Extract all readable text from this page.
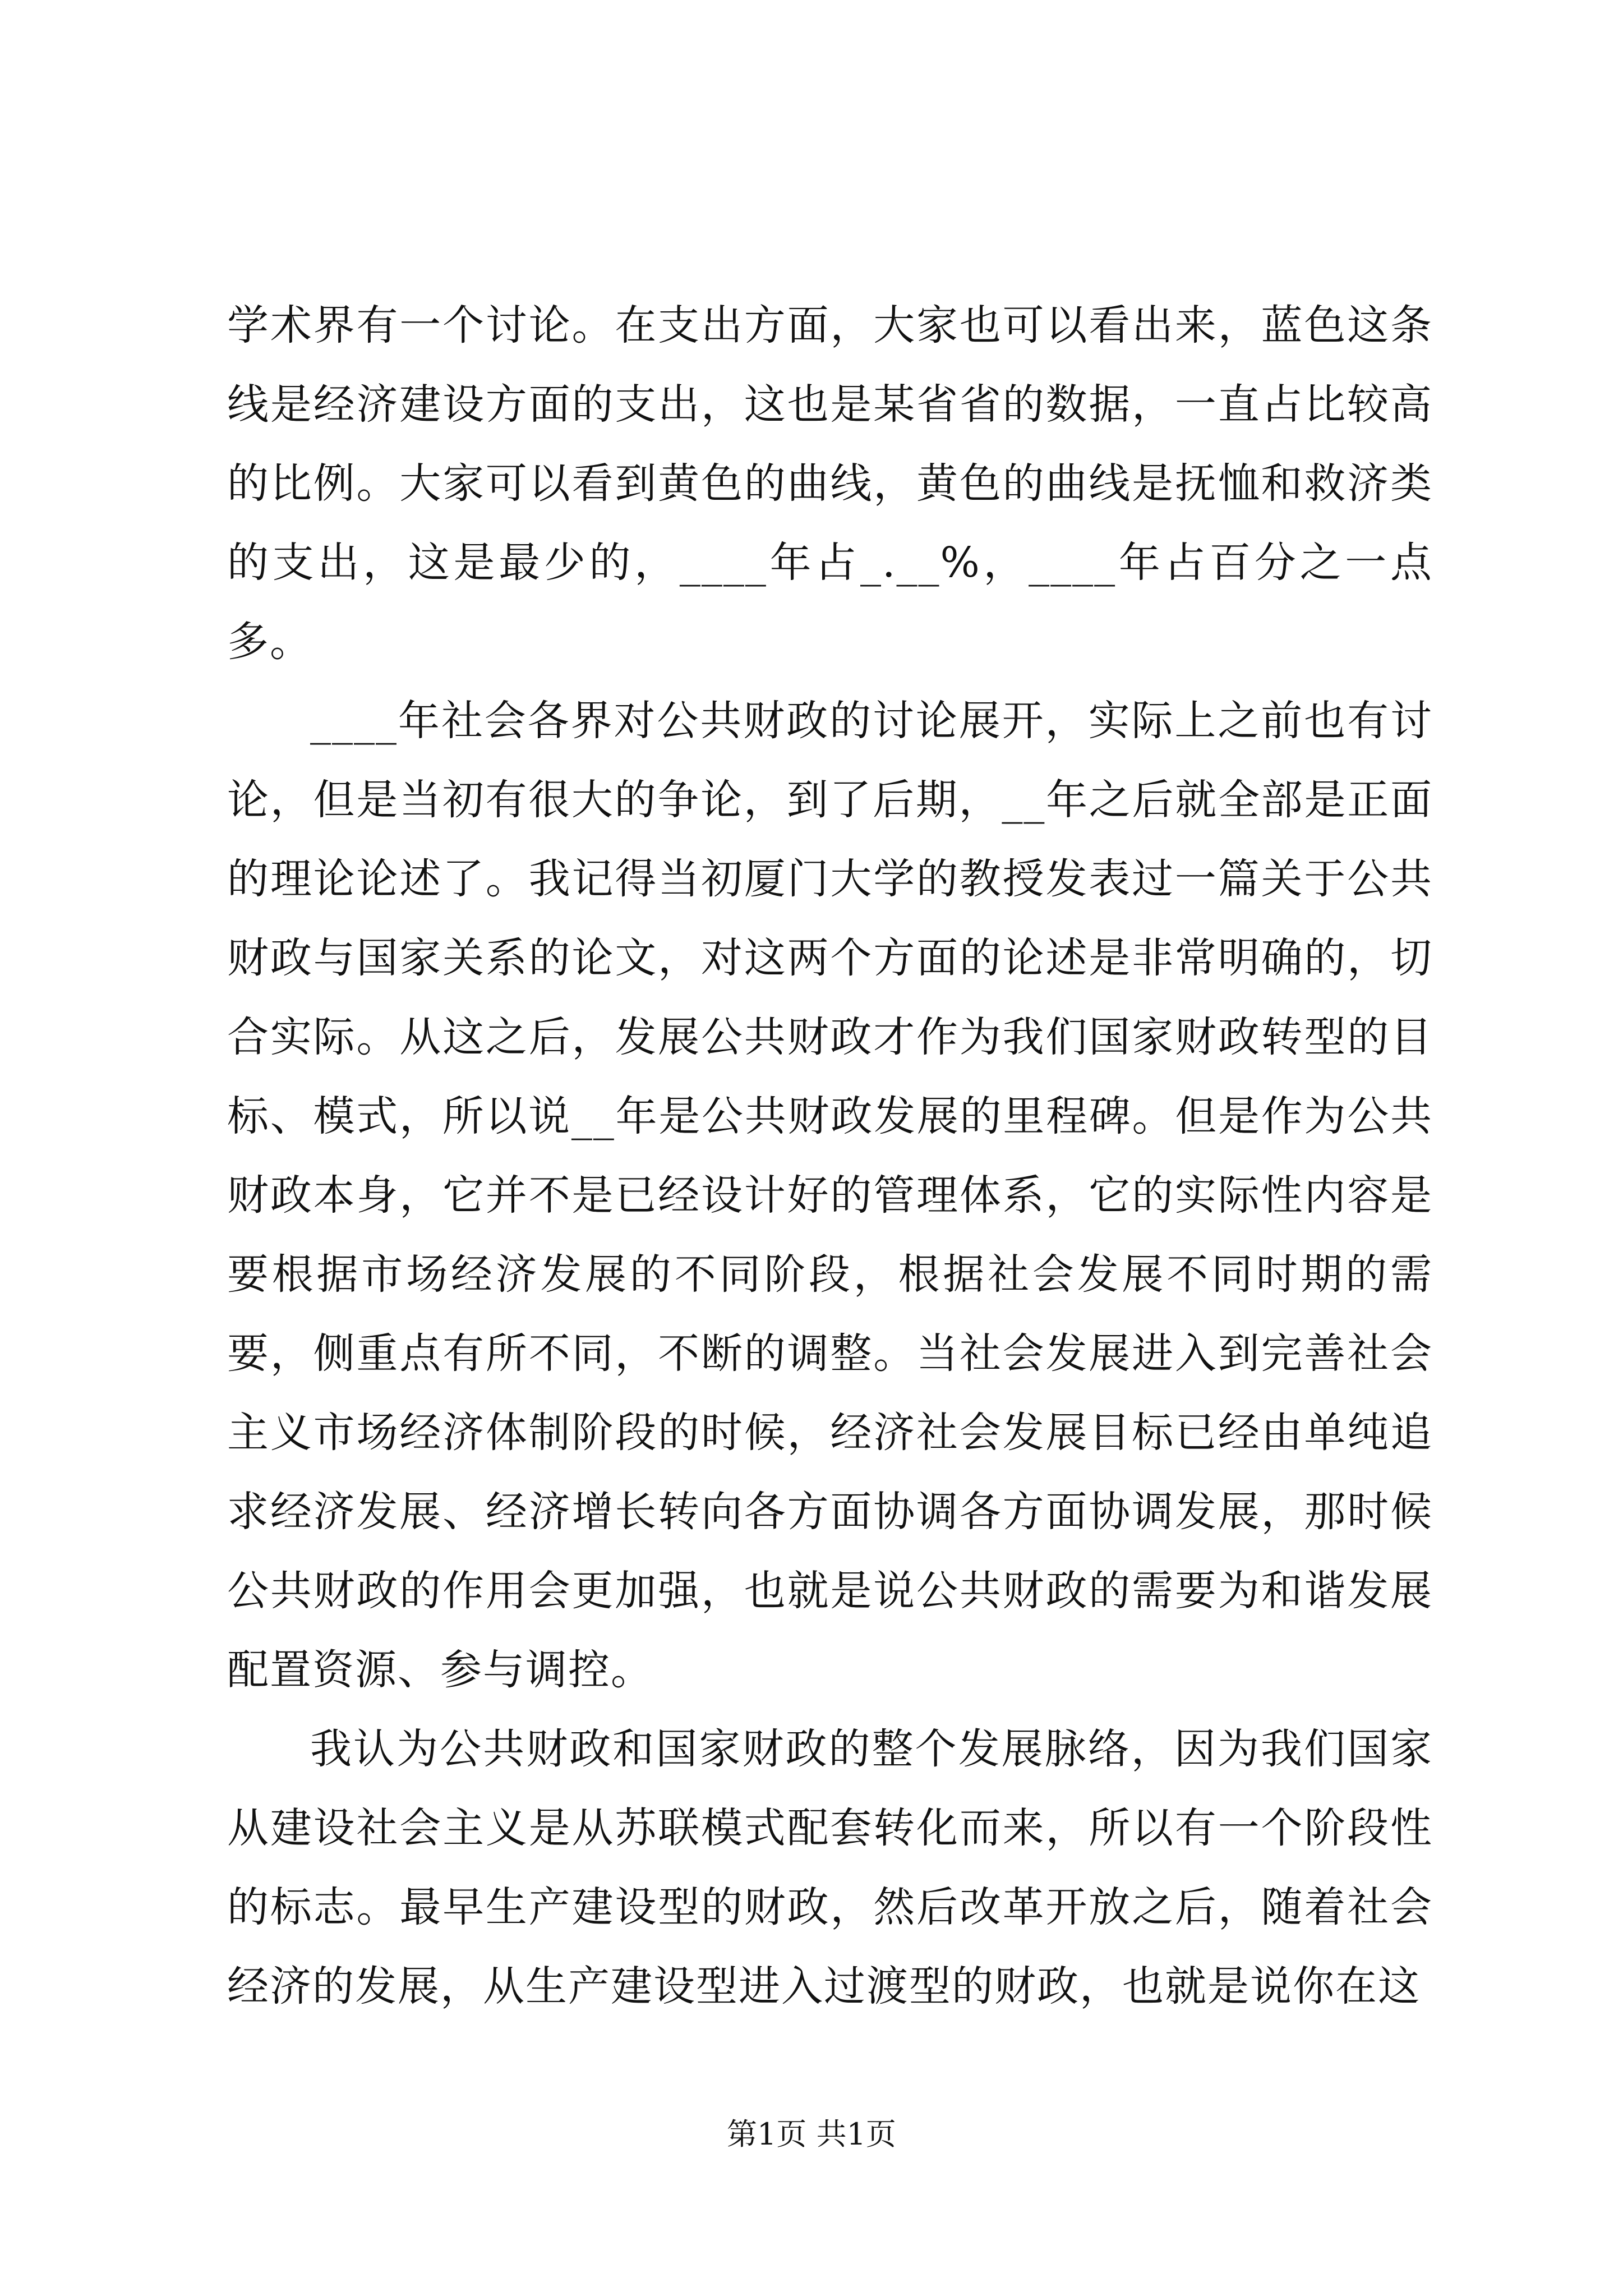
学术界有一个讨论。在支出方面，大家也可以看出来，蓝色这条线是经济建设方面的支出，这也是某省省的数据，一直占比较高的比例。大家可以看到黄色的曲线，黄色的曲线是抚恤和救济类的支出，这是最少的，____年占_.__%，____年占百分之一点多。

____年社会各界对公共财政的讨论展开，实际上之前也有讨论，但是当初有很大的争论，到了后期，__年之后就全部是正面的理论论述了。我记得当初厦门大学的教授发表过一篇关于公共财政与国家关系的论文，对这两个方面的论述是非常明确的，切合实际。从这之后，发展公共财政才作为我们国家财政转型的目标、模式，所以说__年是公共财政发展的里程碑。但是作为公共财政本身，它并不是已经设计好的管理体系，它的实际性内容是要根据市场经济发展的不同阶段，根据社会发展不同时期的需要，侧重点有所不同，不断的调整。当社会发展进入到完善社会主义市场经济体制阶段的时候，经济社会发展目标已经由单纯追求经济发展、经济增长转向各方面协调各方面协调发展，那时候公共财政的作用会更加强，也就是说公共财政的需要为和谐发展配置资源、参与调控。

我认为公共财政和国家财政的整个发展脉络，因为我们国家从建设社会主义是从苏联模式配套转化而来，所以有一个阶段性的标志。最早生产建设型的财政，然后改革开放之后，随着社会经济的发展，从生产建设型进入过渡型的财政，也就是说你在这

第1页 共1页
